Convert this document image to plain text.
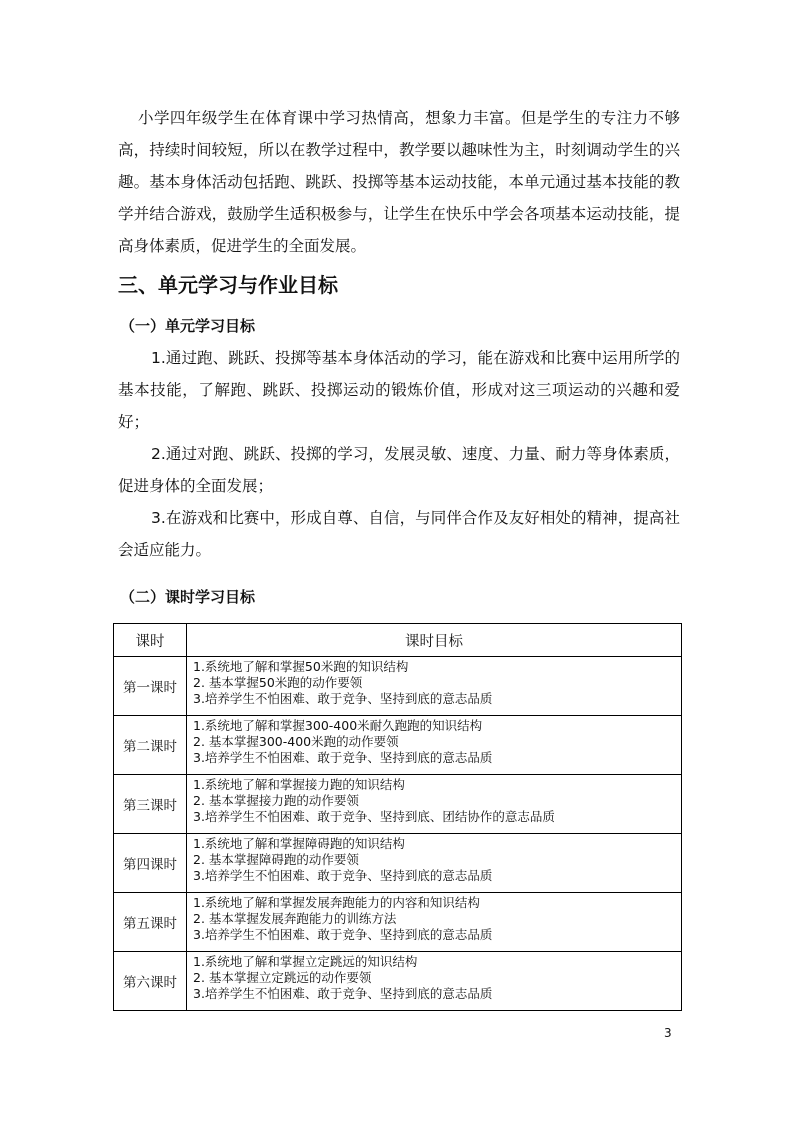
小学四年级学生在体育课中学习热情高，想象力丰富。但是学生的专注力不够高，持续时间较短，所以在教学过程中，教学要以趣味性为主，时刻调动学生的兴趣。基本身体活动包括跑、跳跃、投掷等基本运动技能，本单元通过基本技能的教学并结合游戏，鼓励学生适积极参与，让学生在快乐中学会各项基本运动技能，提高身体素质，促进学生的全面发展。

三、单元学习与作业目标
（一）单元学习目标

1.通过跑、跳跃、投掷等基本身体活动的学习，能在游戏和比赛中运用所学的基本技能，了解跑、跳跃、投掷运动的锻炼价值，形成对这三项运动的兴趣和爱好；

2.通过对跑、跳跃、投掷的学习，发展灵敏、速度、力量、耐力等身体素质，促进身体的全面发展；

3.在游戏和比赛中，形成自尊、自信，与同伴合作及友好相处的精神，提高社会适应能力。

（二）课时学习目标
课时	课时目标
第一课时	1.系统地了解和掌握50米跑的知识结构
2. 基本掌握50米跑的动作要领
3.培养学生不怕困难、敢于竞争、坚持到底的意志品质

第二课时	1.系统地了解和掌握300-400米耐久跑跑的知识结构
2. 基本掌握300-400米跑的动作要领
3.培养学生不怕困难、敢于竞争、坚持到底的意志品质

第三课时	1.系统地了解和掌握接力跑的知识结构
2. 基本掌握接力跑的动作要领
3.培养学生不怕困难、敢于竞争、坚持到底、团结协作的意志品质

第四课时	1.系统地了解和掌握障碍跑的知识结构
2. 基本掌握障碍跑的动作要领
3.培养学生不怕困难、敢于竞争、坚持到底的意志品质

第五课时	1.系统地了解和掌握发展奔跑能力的内容和知识结构
2. 基本掌握发展奔跑能力的训练方法
3.培养学生不怕困难、敢于竞争、坚持到底的意志品质

第六课时	1.系统地了解和掌握立定跳远的知识结构
2. 基本掌握立定跳远的动作要领
3.培养学生不怕困难、敢于竞争、坚持到底的意志品质
3
